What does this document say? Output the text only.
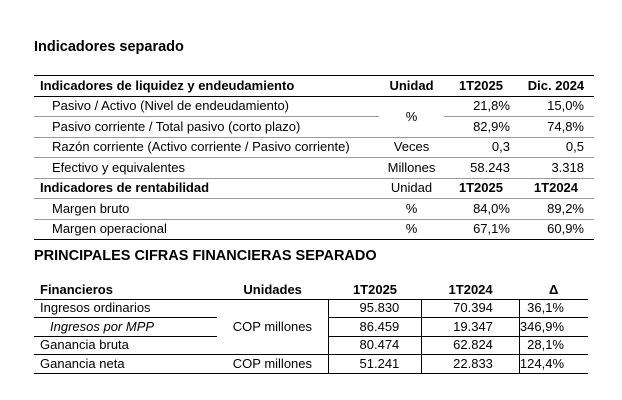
Indicadores separado
Indicadores de liquidez y endeudamiento	Unidad	1T2025	Dic. 2024
Pasivo / Activo (Nivel de endeudamiento)	%	21,8%	15,0%
Pasivo corriente / Total pasivo (corto plazo)		82,9%	74,8%
Razón corriente (Activo corriente / Pasivo corriente)	Veces	0,3	0,5
Efectivo y equivalentes	Millones	58.243	3.318
Indicadores de rentabilidad	Unidad	1T2025	1T2024
Margen bruto	%	84,0%	89,2%
Margen operacional	%	67,1%	60,9%
PRINCIPALES CIFRAS FINANCIERAS SEPARADO
Financieros	Unidades	1T2025	1T2024	Δ
Ingresos ordinarios	COP millones	95.830	70.394	36,1%
Ingresos por MPP		86.459	19.347	346,9%
Ganancia bruta		80.474	62.824	28,1%
Ganancia neta	COP millones	51.241	22.833	124,4%
